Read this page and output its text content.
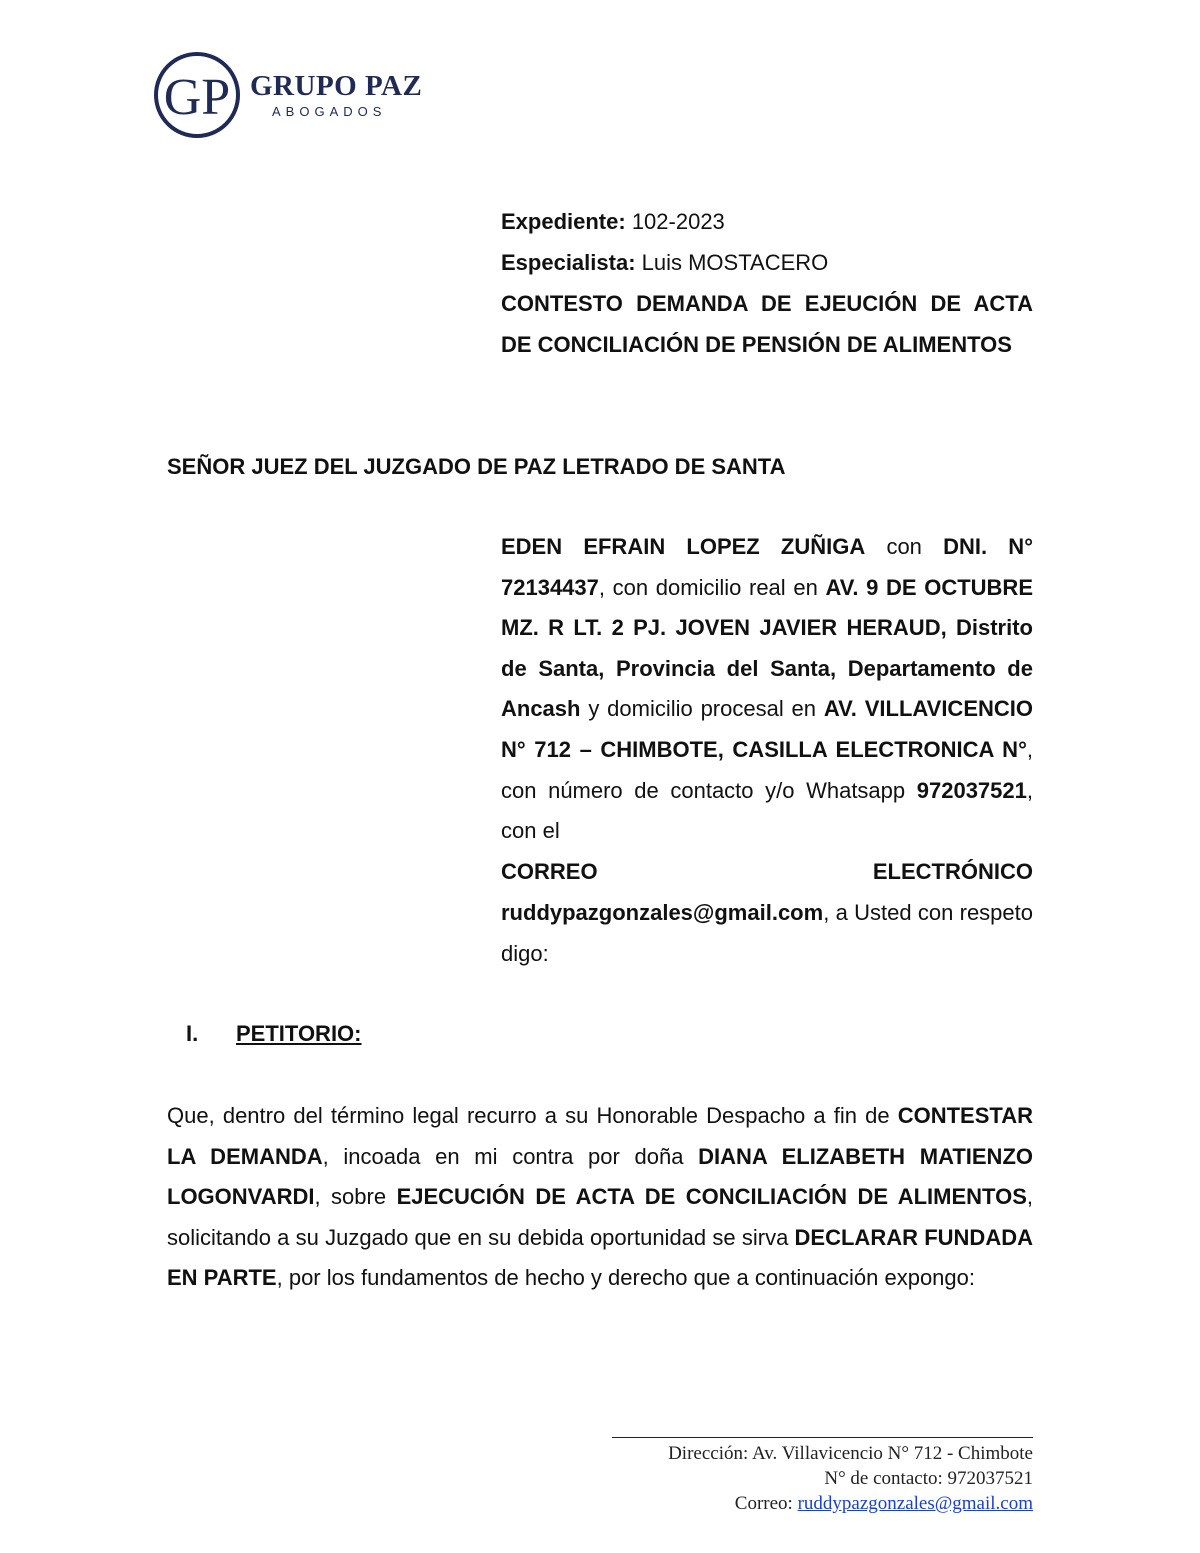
GP GRUPO PAZ
ABOGADOS

Expediente: 102-2023

Especialista: Luis MOSTACERO

CONTESTO DEMANDA DE EJEUCIÓN DE ACTA DE CONCILIACIÓN DE PENSIÓN DE ALIMENTOS

SEÑOR JUEZ DEL JUZGADO DE PAZ LETRADO DE SANTA

EDEN EFRAIN LOPEZ ZUÑIGA con DNI. N° 72134437, con domicilio real en AV. 9 DE OCTUBRE MZ. R LT. 2 PJ. JOVEN JAVIER HERAUD, Distrito de Santa, Provincia del Santa, Departamento de Ancash y domicilio procesal en AV. VILLAVICENCIO N° 712 – CHIMBOTE, CASILLA ELECTRONICA N°, con número de contacto y/o Whatsapp 972037521, con el

CORREO	ELECTRÓNICO

ruddypazgonzales@gmail.com, a Usted con respeto digo:

I. PETITORIO:

Que, dentro del término legal recurro a su Honorable Despacho a fin de CONTESTAR LA DEMANDA, incoada en mi contra por doña DIANA ELIZABETH MATIENZO LOGONVARDI, sobre EJECUCIÓN DE ACTA DE CONCILIACIÓN DE ALIMENTOS, solicitando a su Juzgado que en su debida oportunidad se sirva DECLARAR FUNDADA EN PARTE, por los fundamentos de hecho y derecho que a continuación expongo:

Dirección: Av. Villavicencio N° 712 - Chimbote
N° de contacto: 972037521
Correo: ruddypazgonzales@gmail.com
